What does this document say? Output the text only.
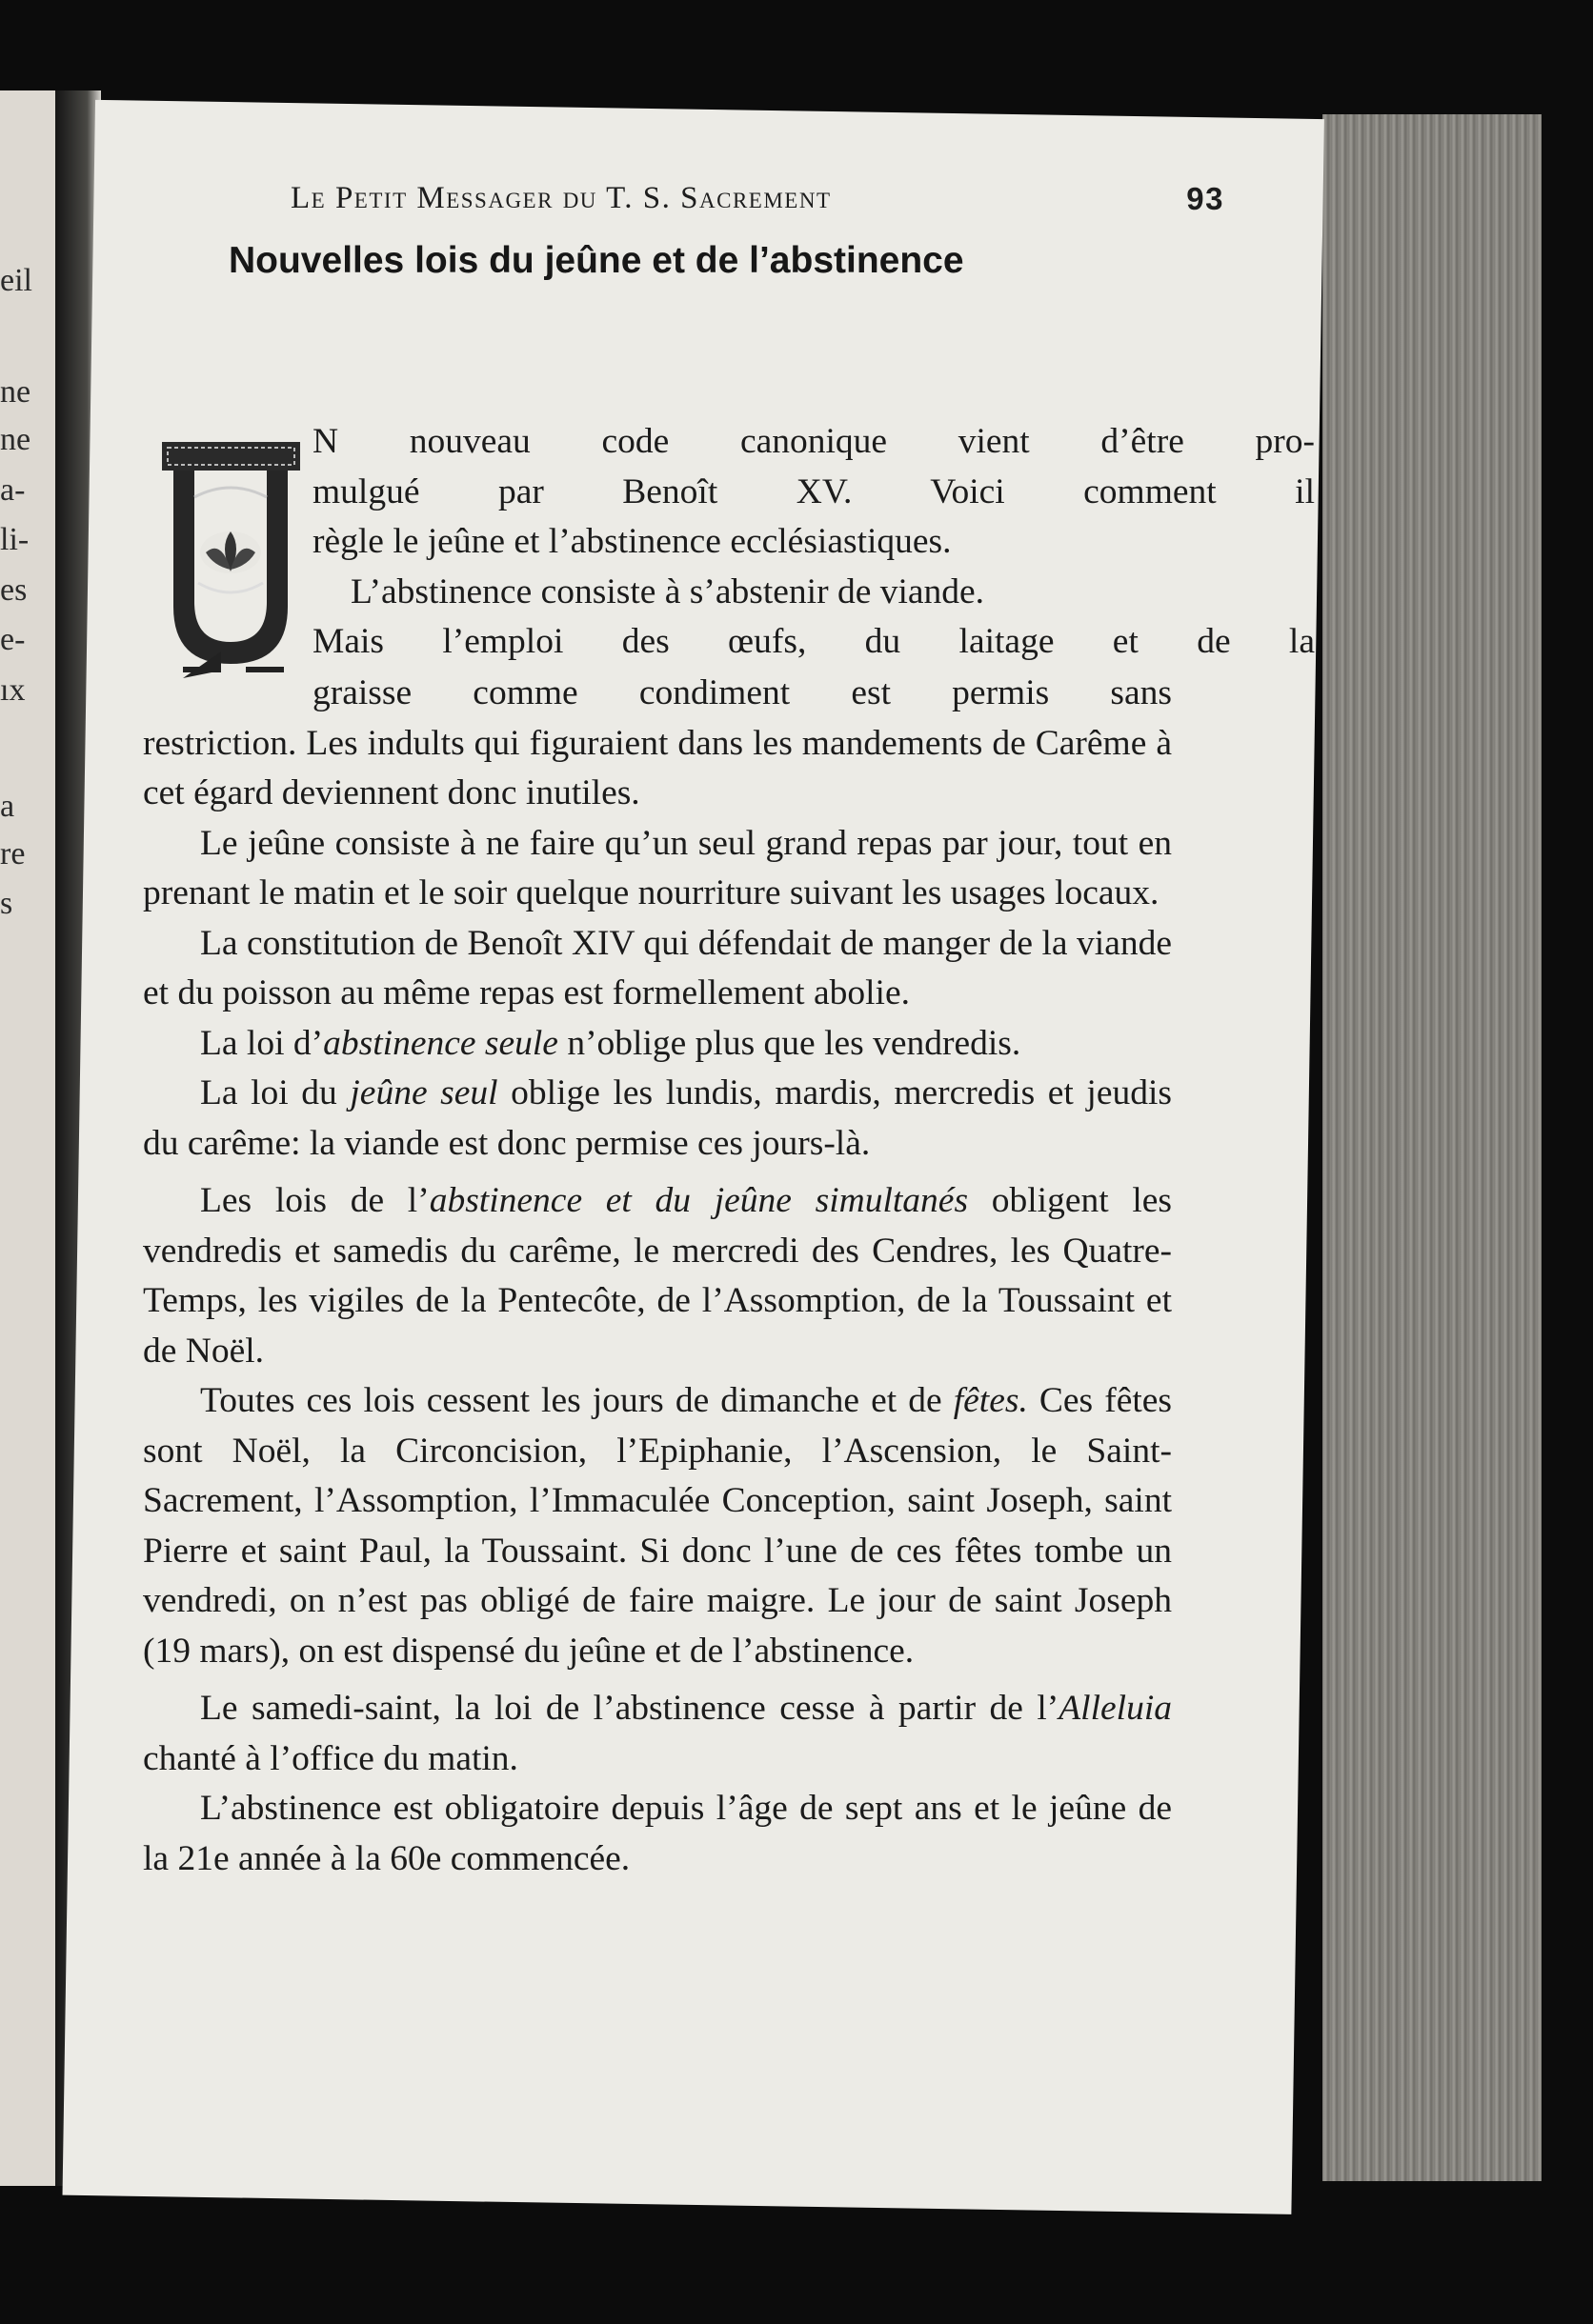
eil
ne
ne
a-
li-
es
e-
ıx
a
re
s
Le Petit Messager du T. S. Sacrement	93
Nouvelles lois du jeûne et de l’abstinence
N nouveau code canonique vient d’être pro-
mulgué par Benoît XV. Voici comment il
règle le jeûne et l’abstinence ecclésiastiques.
L’abstinence consiste à s’abstenir de viande.
Mais l’emploi des œufs, du laitage et de la
graisse comme condiment est permis sans

restriction. Les indults qui figuraient dans les mandements de Carême à cet égard deviennent donc inutiles.

Le jeûne consiste à ne faire qu’un seul grand repas par jour, tout en prenant le matin et le soir quelque nourriture suivant les usages locaux.

La constitution de Benoît XIV qui défendait de manger de la viande et du poisson au même repas est formellement abolie.

La loi d’abstinence seule n’oblige plus que les vendredis.

La loi du jeûne seul oblige les lundis, mardis, mercredis et jeudis du carême: la viande est donc permise ces jours-là.

Les lois de l’abstinence et du jeûne simultanés obligent les vendredis et samedis du carême, le mercredi des Cendres, les Quatre-Temps, les vigiles de la Pentecôte, de l’Assomption, de la Toussaint et de Noël.

Toutes ces lois cessent les jours de dimanche et de fêtes. Ces fêtes sont Noël, la Circoncision, l’Epiphanie, l’Ascension, le Saint-Sacrement, l’Assomption, l’Immaculée Conception, saint Joseph, saint Pierre et saint Paul, la Toussaint. Si donc l’une de ces fêtes tombe un vendredi, on n’est pas obligé de faire maigre. Le jour de saint Joseph (19 mars), on est dispensé du jeûne et de l’abstinence.

Le samedi-saint, la loi de l’abstinence cesse à partir de l’Alleluia chanté à l’office du matin.

L’abstinence est obligatoire depuis l’âge de sept ans et le jeûne de la 21e année à la 60e commencée.
